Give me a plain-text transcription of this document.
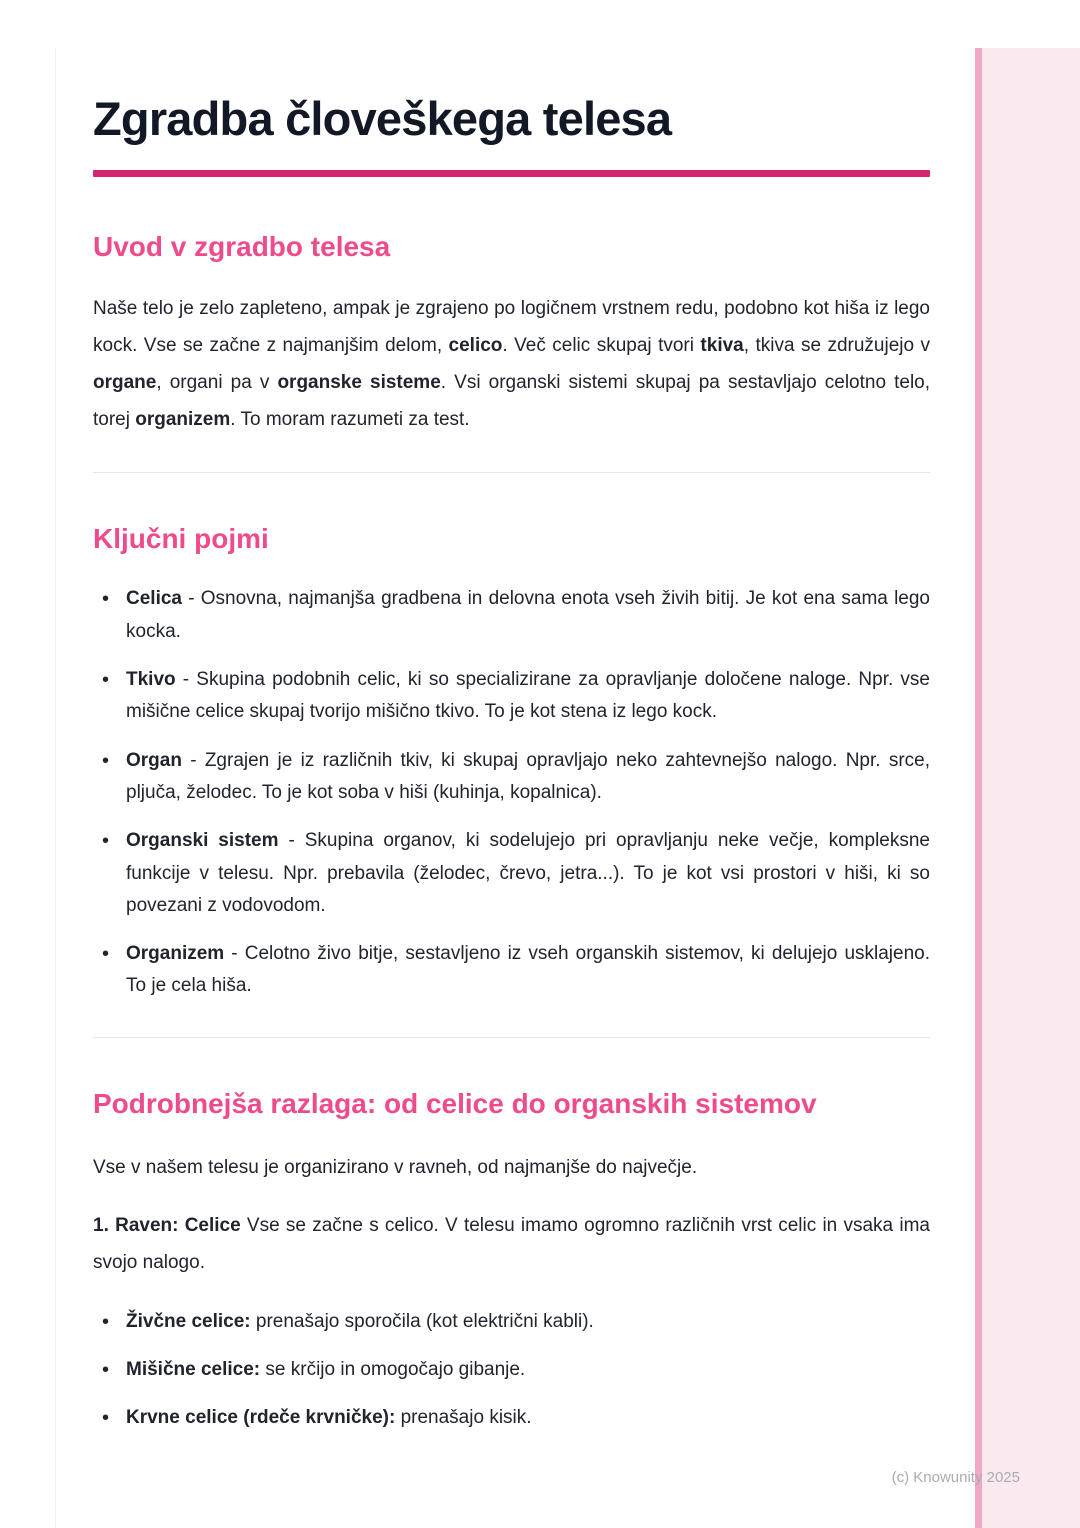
Zgradba človeškega telesa
Uvod v zgradbo telesa

Naše telo je zelo zapleteno, ampak je zgrajeno po logičnem vrstnem redu, podobno kot hiša iz lego kock. Vse se začne z najmanjšim delom, celico. Več celic skupaj tvori tkiva, tkiva se združujejo v organe, organi pa v organske sisteme. Vsi organski sistemi skupaj pa sestavljajo celotno telo, torej organizem. To moram razumeti za test.

Ključni pojmi
• Celica - Osnovna, najmanjša gradbena in delovna enota vseh živih bitij. Je kot ena sama lego kocka.
• Tkivo - Skupina podobnih celic, ki so specializirane za opravljanje določene naloge. Npr. vse mišične celice skupaj tvorijo mišično tkivo. To je kot stena iz lego kock.
• Organ - Zgrajen je iz različnih tkiv, ki skupaj opravljajo neko zahtevnejšo nalogo. Npr. srce, pljuča, želodec. To je kot soba v hiši (kuhinja, kopalnica).
• Organski sistem - Skupina organov, ki sodelujejo pri opravljanju neke večje, kompleksne funkcije v telesu. Npr. prebavila (želodec, črevo, jetra...). To je kot vsi prostori v hiši, ki so povezani z vodovodom.
• Organizem - Celotno živo bitje, sestavljeno iz vseh organskih sistemov, ki delujejo usklajeno. To je cela hiša.
Podrobnejša razlaga: od celice do organskih sistemov

Vse v našem telesu je organizirano v ravneh, od najmanjše do največje.

1. Raven: Celice Vse se začne s celico. V telesu imamo ogromno različnih vrst celic in vsaka ima svojo nalogo.

• Živčne celice: prenašajo sporočila (kot električni kabli).
• Mišične celice: se krčijo in omogočajo gibanje.
• Krvne celice (rdeče krvničke): prenašajo kisik.
(c) Knowunity 2025
